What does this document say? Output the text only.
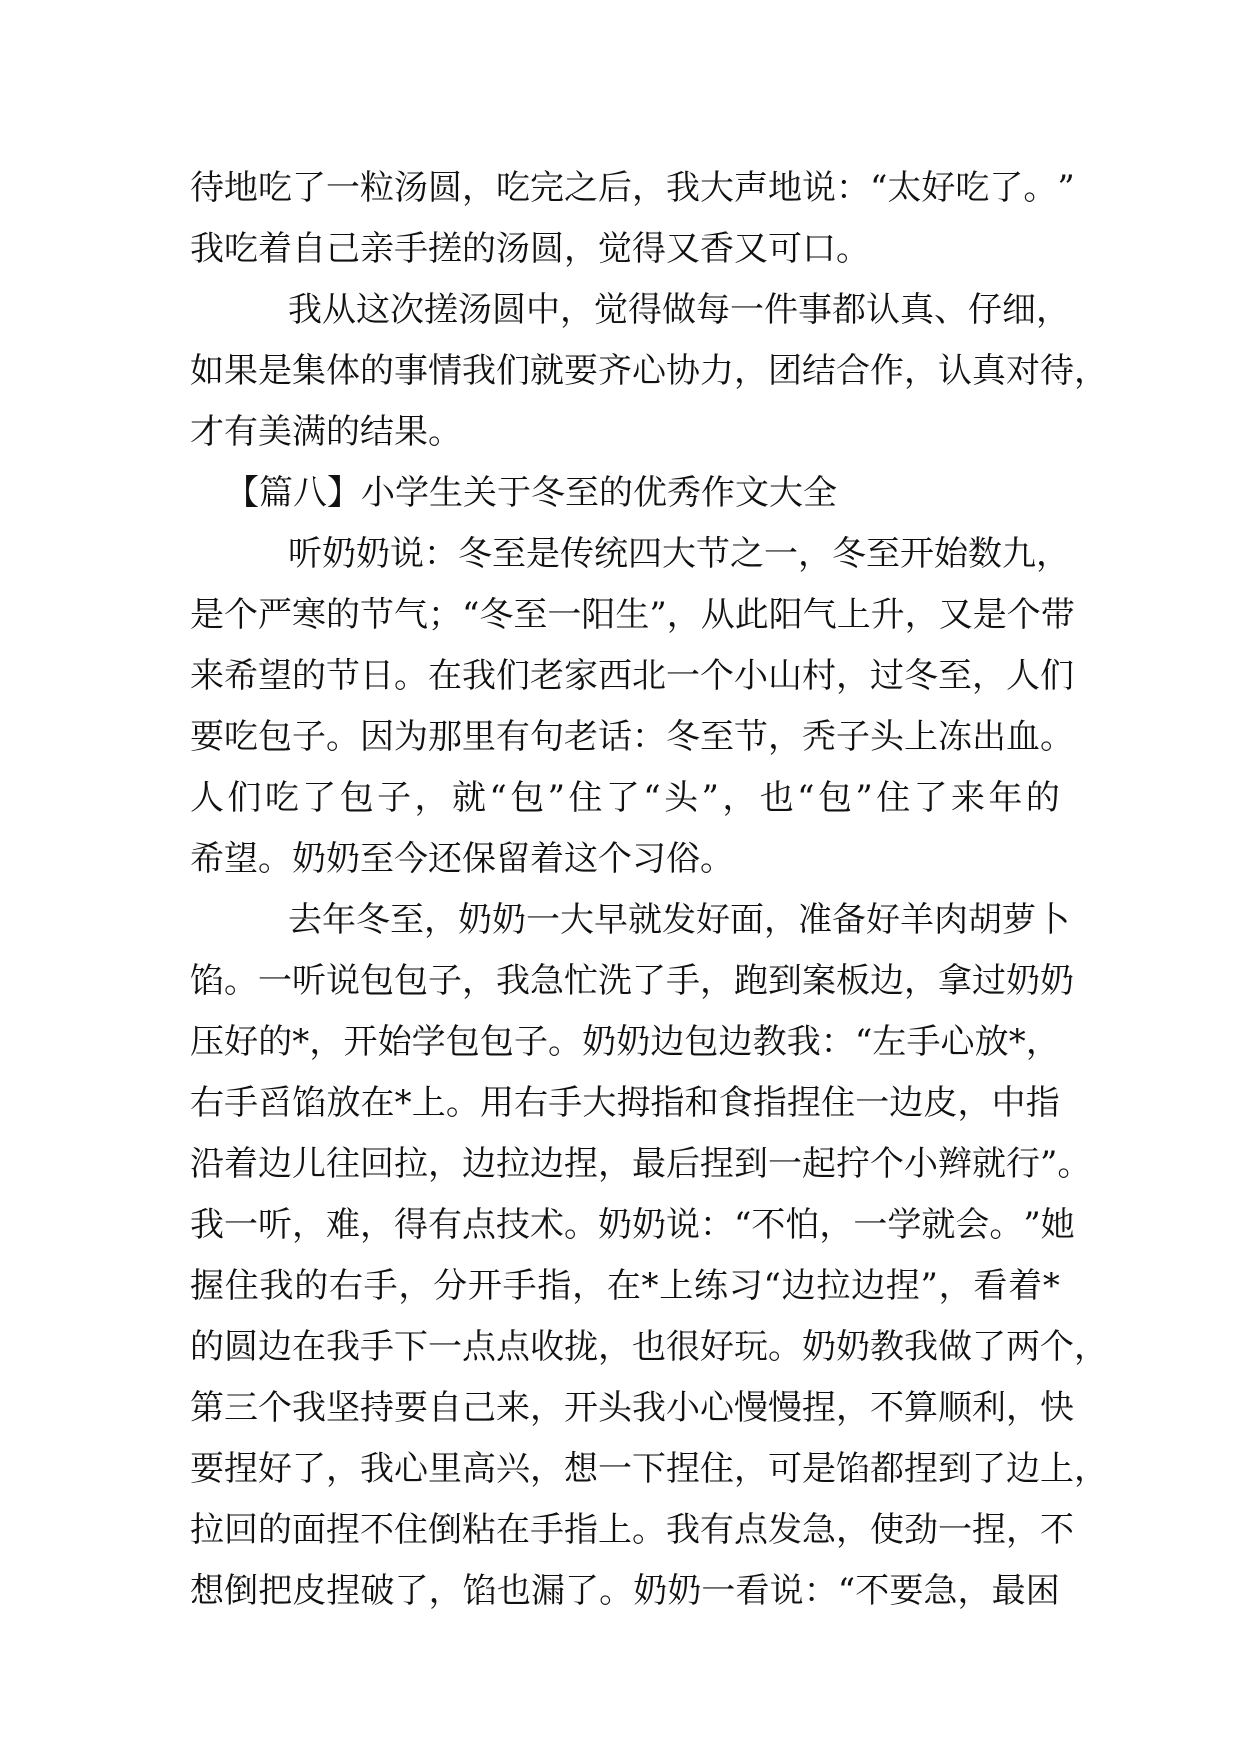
待 地 吃 了 一 粒 汤 圆 ， 吃 完 之 后 ， 我 大 声 地 说 ： “ 太 好 吃 了 。 ”
我吃着自己亲手搓的汤圆，觉得又香又可口。
我 从 这 次 搓 汤 圆 中 ， 觉 得 做 每 一 件 事 都 认 真 、 仔 细 ，
如 果 是 集 体 的 事 情 我 们 就 要 齐 心 协 力 ， 团 结 合 作 ， 认 真 对 待 ，
才有美满的结果。
【篇八】小学生关于冬至的优秀作文大全
听 奶 奶 说 ： 冬 至 是 传 统 四 大 节 之 一 ， 冬 至 开 始 数 九 ，
是 个 严 寒 的 节 气 ； “ 冬 至 一 阳 生 ” ， 从 此 阳 气 上 升 ， 又 是 个 带
来 希 望 的 节 日 。 在 我 们 老 家 西 北 一 个 小 山 村 ， 过 冬 至 ， 人 们
要 吃 包 子 。 因 为 那 里 有 句 老 话 ： 冬 至 节 ， 秃 子 头 上 冻 出 血 。
人 们 吃 了 包 子 ， 就 “ 包 ” 住 了 “ 头 ” ， 也 “ 包 ” 住 了 来 年 的
希望。奶奶至今还保留着这个习俗。
去 年 冬 至 ， 奶 奶 一 大 早 就 发 好 面 ， 准 备 好 羊 肉 胡 萝 卜
馅 。 一 听 说 包 包 子 ， 我 急 忙 洗 了 手 ， 跑 到 案 板 边 ， 拿 过 奶 奶
压 好 的 * ， 开 始 学 包 包 子 。 奶 奶 边 包 边 教 我 ： “ 左 手 心 放 * ，
右 手 舀 馅 放 在 * 上 。 用 右 手 大 拇 指 和 食 指 捏 住 一 边 皮 ， 中 指
沿 着 边 儿 往 回 拉 ， 边 拉 边 捏 ， 最 后 捏 到 一 起 拧 个 小 辫 就 行 ” 。
我 一 听 ， 难 ， 得 有 点 技 术 。 奶 奶 说 ： “ 不 怕 ， 一 学 就 会 。 ” 她
握 住 我 的 右 手 ， 分 开 手 指 ， 在 * 上 练 习 “ 边 拉 边 捏 ” ， 看 着 *
的 圆 边 在 我 手 下 一 点 点 收 拢 ， 也 很 好 玩 。 奶 奶 教 我 做 了 两 个 ，
第 三 个 我 坚 持 要 自 己 来 ， 开 头 我 小 心 慢 慢 捏 ， 不 算 顺 利 ， 快
要 捏 好 了 ， 我 心 里 高 兴 ， 想 一 下 捏 住 ， 可 是 馅 都 捏 到 了 边 上 ，
拉 回 的 面 捏 不 住 倒 粘 在 手 指 上 。 我 有 点 发 急 ， 使 劲 一 捏 ， 不
想 倒 把 皮 捏 破 了 ， 馅 也 漏 了 。 奶 奶 一 看 说 ： “ 不 要 急 ， 最 困
